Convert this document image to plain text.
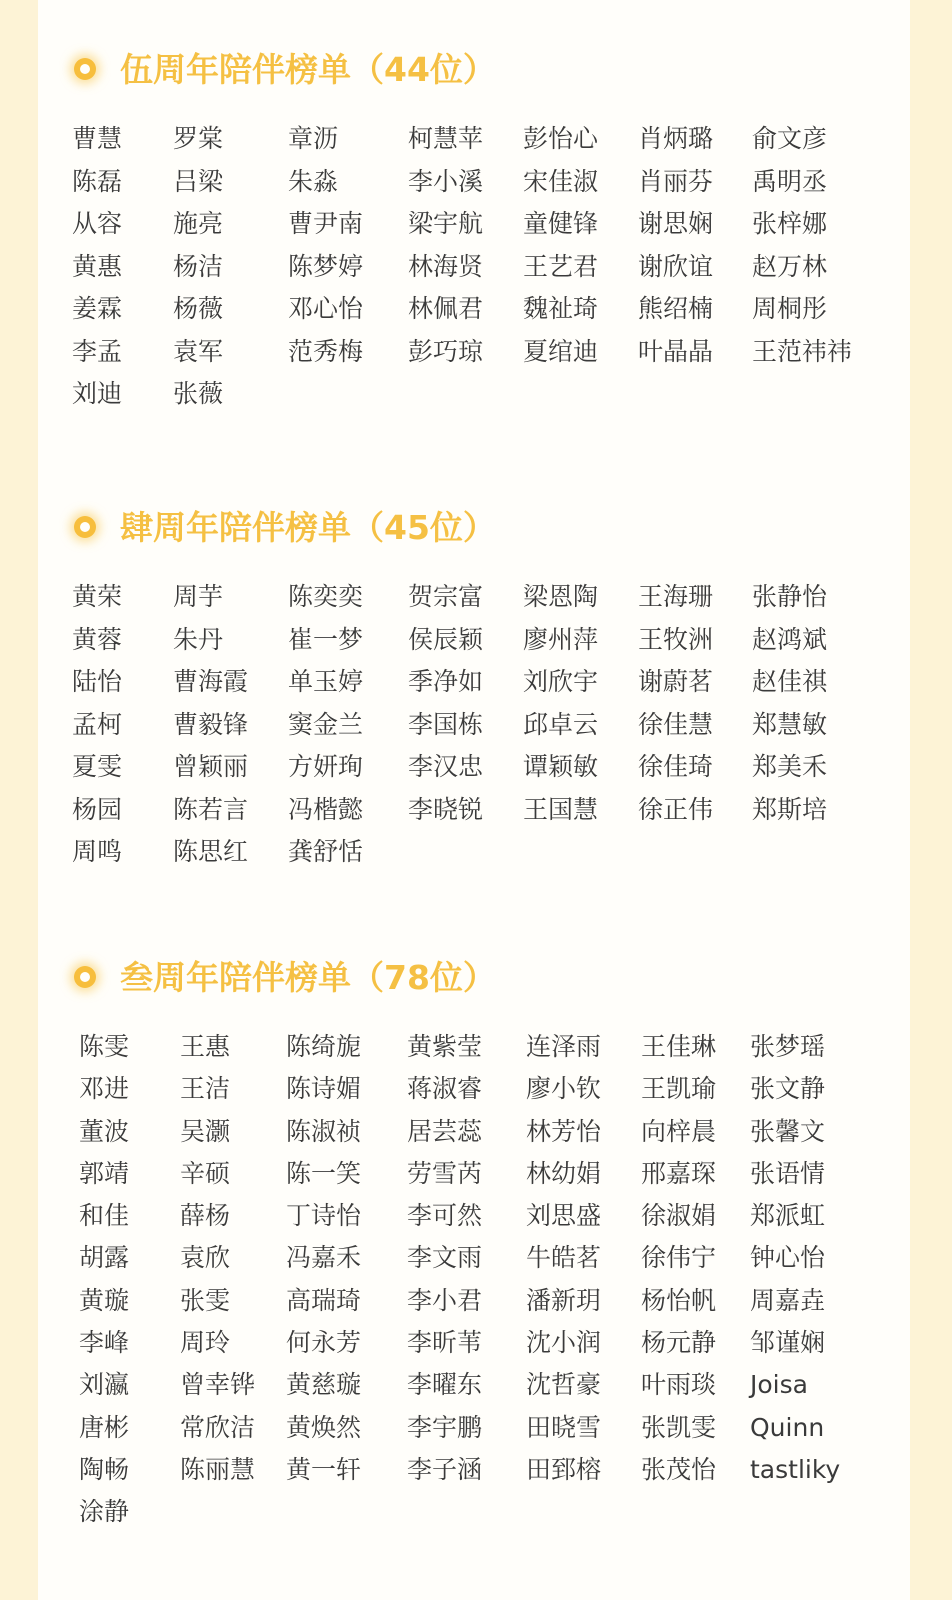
伍周年陪伴榜单（44位）
曹慧	罗棠	章沥	柯慧苹	彭怡心	肖炳璐	俞文彦
陈磊	吕梁	朱淼	李小溪	宋佳淑	肖丽芬	禹明丞
从容	施亮	曹尹南	梁宇航	童健锋	谢思娴	张梓娜
黄惠	杨洁	陈梦婷	林海贤	王艺君	谢欣谊	赵万林
姜霖	杨薇	邓心怡	林佩君	魏祉琦	熊绍楠	周桐彤
李孟	袁军	范秀梅	彭巧琼	夏绾迪	叶晶晶	王范祎祎
刘迪	张薇
肆周年陪伴榜单（45位）
黄荣	周芋	陈奕奕	贺宗富	梁恩陶	王海珊	张静怡
黄蓉	朱丹	崔一梦	侯辰颖	廖州萍	王牧洲	赵鸿斌
陆怡	曹海霞	单玉婷	季净如	刘欣宇	谢蔚茗	赵佳祺
孟柯	曹毅锋	窦金兰	李国栋	邱卓云	徐佳慧	郑慧敏
夏雯	曾颖丽	方妍珣	李汉忠	谭颖敏	徐佳琦	郑美禾
杨园	陈若言	冯楷懿	李晓锐	王国慧	徐正伟	郑斯培
周鸣	陈思红	龚舒恬
叁周年陪伴榜单（78位）
陈雯	王惠	陈绮旎	黄紫莹	连泽雨	王佳琳	张梦瑶
邓进	王洁	陈诗媚	蒋淑睿	廖小钦	王凯瑜	张文静
董波	吴灏	陈淑祯	居芸蕊	林芳怡	向梓晨	张馨文
郭靖	辛硕	陈一笑	劳雪芮	林幼娟	邢嘉琛	张语情
和佳	薛杨	丁诗怡	李可然	刘思盛	徐淑娟	郑派虹
胡露	袁欣	冯嘉禾	李文雨	牛皓茗	徐伟宁	钟心怡
黄璇	张雯	高瑞琦	李小君	潘新玥	杨怡帆	周嘉垚
李峰	周玲	何永芳	李昕苇	沈小润	杨元静	邹谨娴
刘瀛	曾幸铧	黄慈璇	李曜东	沈哲豪	叶雨琰	Joisa
唐彬	常欣洁	黄焕然	李宇鹏	田晓雪	张凯雯	Quinn
陶畅	陈丽慧	黄一轩	李子涵	田郅榕	张茂怡	tastliky
涂静
